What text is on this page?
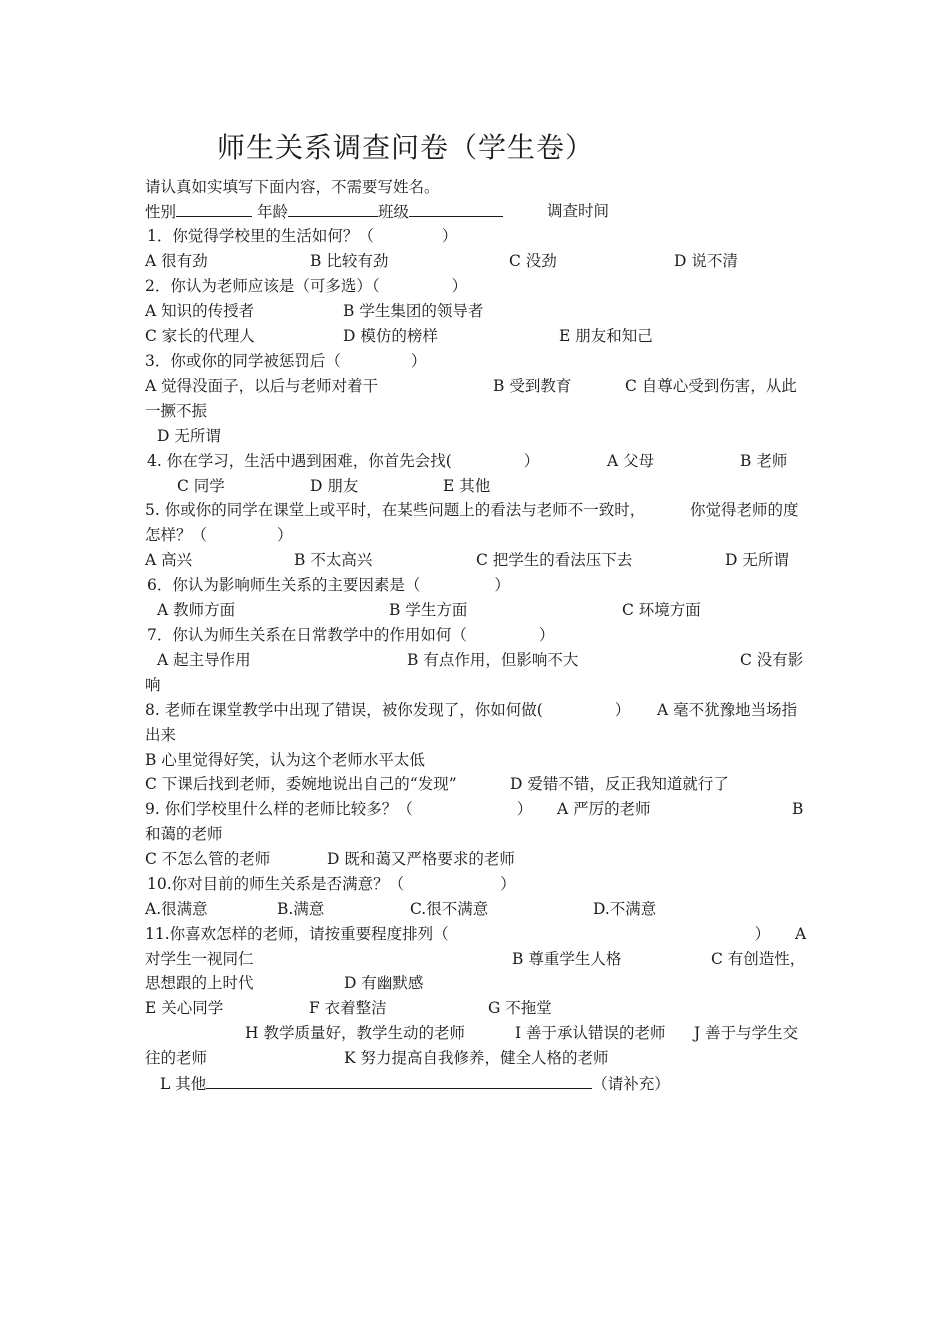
师生关系调查问卷（学生卷）
请认真如实填写下面内容，不需要写姓名。
性别	年龄	班级	调查时间
1．你觉得学校里的生活如何？（	）
A 很有劲	B 比较有劲	C 没劲	D 说不清
2．你认为老师应该是（可多选）（	）
A 知识的传授者	B 学生集团的领导者
C 家长的代理人	D 模仿的榜样	E 朋友和知己
3．你或你的同学被惩罚后（	）
A 觉得没面子，以后与老师对着干	B 受到教育	C 自尊心受到伤害，从此
一撅不振
D 无所谓
4. 你在学习，生活中遇到困难，你首先会找(	）	A 父母	B 老师
C 同学	D 朋友	E 其他
5. 你或你的同学在课堂上或平时，在某些问题上的看法与老师不一致时，	你觉得老师的度
怎样？（	）
A 高兴	B 不太高兴	C 把学生的看法压下去	D 无所谓
6．你认为影响师生关系的主要因素是（	）
A 教师方面	B 学生方面	C 环境方面
7．你认为师生关系在日常教学中的作用如何（	）
A 起主导作用	B 有点作用，但影响不大	C 没有影
响
8. 老师在课堂教学中出现了错误，被你发现了，你如何做(	） A 毫不犹豫地当场指
出来
B 心里觉得好笑，认为这个老师水平太低
C 下课后找到老师，委婉地说出自己的“发现”	D 爱错不错，反正我知道就行了
9. 你们学校里什么样的老师比较多？（	） A 严厉的老师	B
和蔼的老师
C 不怎么管的老师	D 既和蔼又严格要求的老师
10.你对目前的师生关系是否满意？（	）
A.很满意	B.满意	C.很不满意	D.不满意
11.你喜欢怎样的老师，请按重要程度排列（	） A
对学生一视同仁	B 尊重学生人格	C 有创造性，
思想跟的上时代	D 有幽默感
E 关心同学	F 衣着整洁	G 不拖堂
H 教学质量好，教学生动的老师	I 善于承认错误的老师 J 善于与学生交
往的老师	K 努力提高自我修养，健全人格的老师
L 其他	（请补充）
